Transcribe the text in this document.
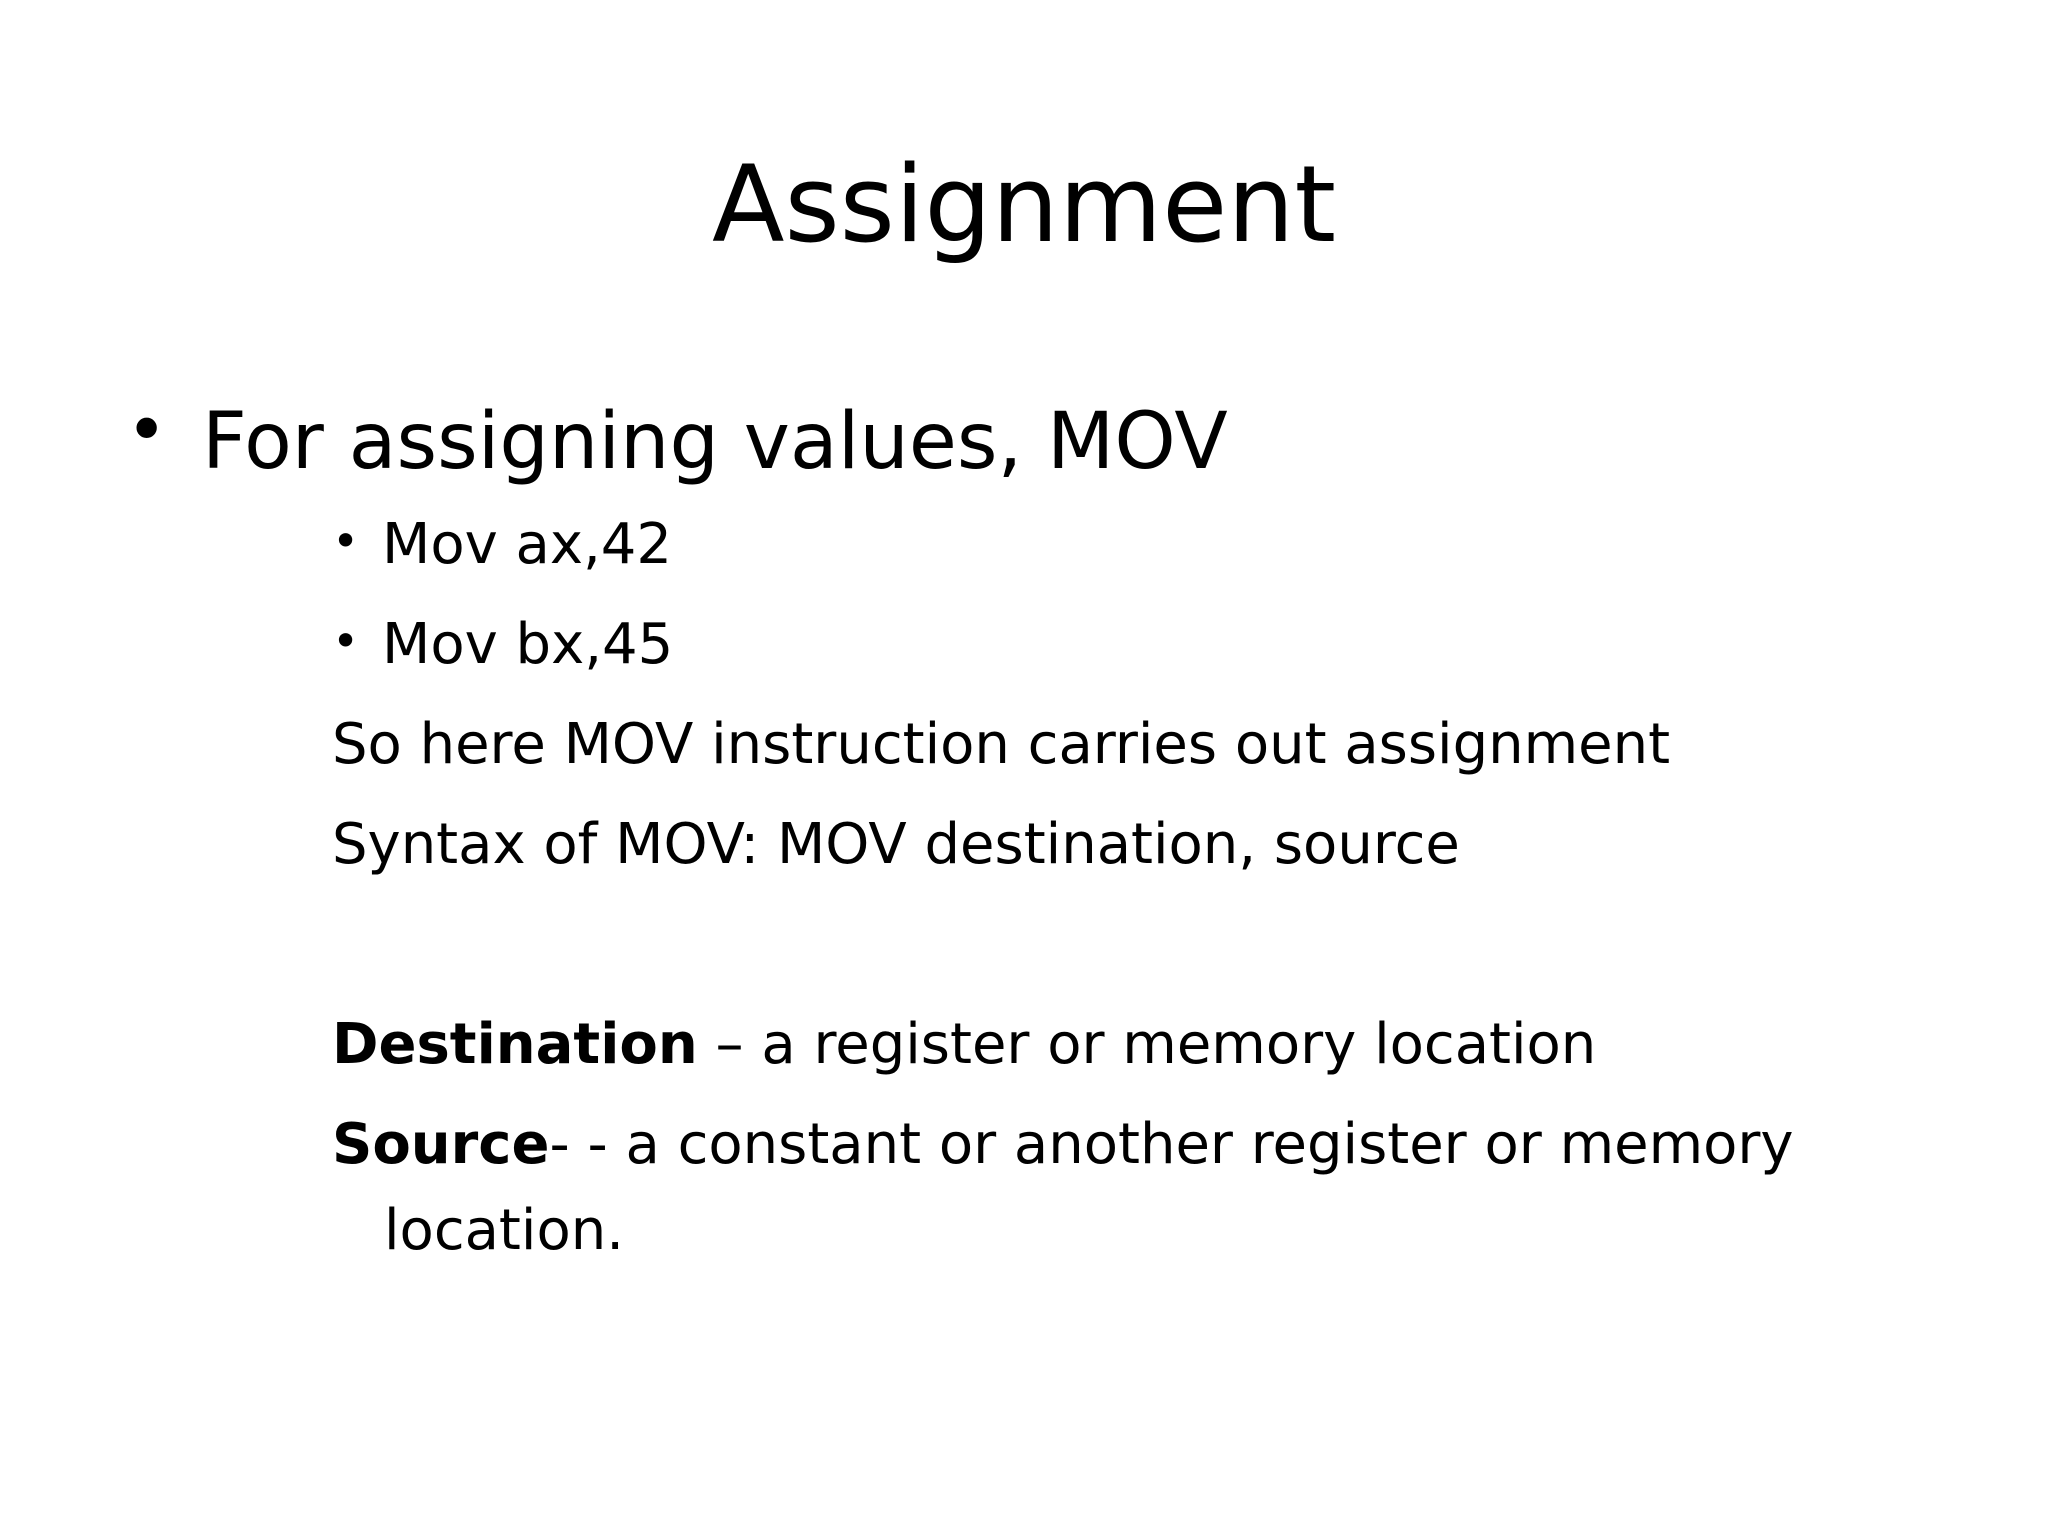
Assignment
• For assigning values, MOV
• Mov ax,42
• Mov bx,45
So here MOV instruction carries out assignment
Syntax of MOV: MOV destination, source
Destination – a register or memory location
Source- - a constant or another register or memory
location.
